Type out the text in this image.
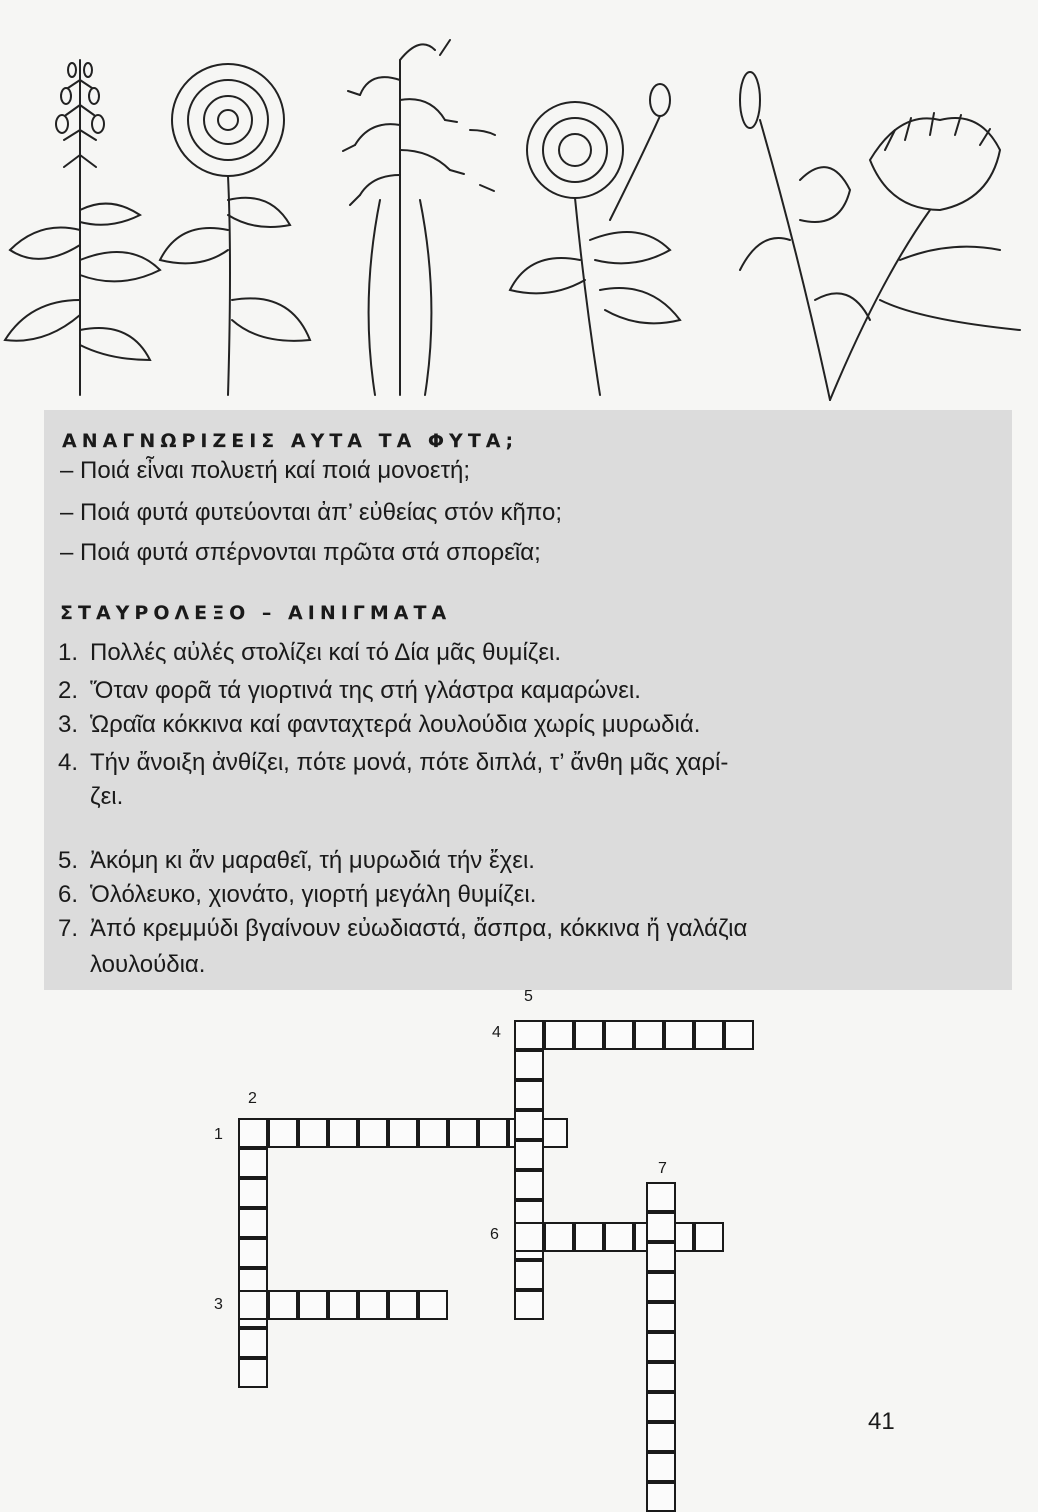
ΑΝΑΓΝΩΡΙΖΕΙΣ ΑΥΤΑ ΤΑ ΦΥΤΑ;
– Ποιά εἶναι πολυετή καί ποιά μονοετή;
– Ποιά φυτά φυτεύονται ἀπ’ εὐθείας στόν κῆπο;
– Ποιά φυτά σπέρνονται πρῶτα στά σπορεῖα;
ΣΤΑΥΡΟΛΕΞΟ – ΑΙΝΙΓΜΑΤΑ
1. Πολλές αὐλές στολίζει καί τό Δία μᾶς θυμίζει.
2. Ὅταν φορᾶ τά γιορτινά της στή γλάστρα καμαρώνει.
3. Ὡραῖα κόκκινα καί φανταχτερά λουλούδια χωρίς μυρωδιά.
4. Τήν ἄνοιξη ἀνθίζει, πότε μονά, πότε διπλά, τ’ ἄνθη μᾶς χαρί-
ζει.
5. Ἀκόμη κι ἄν μαραθεῖ, τή μυρωδιά τήν ἔχει.
6. Ὁλόλευκο, χιονάτο, γιορτή μεγάλη θυμίζει.
7. Ἀπό κρεμμύδι βγαίνουν εὐωδιαστά, ἄσπρα, κόκκινα ἤ γαλάζια
λουλούδια.
5
4
2
1
7
6
3
41
